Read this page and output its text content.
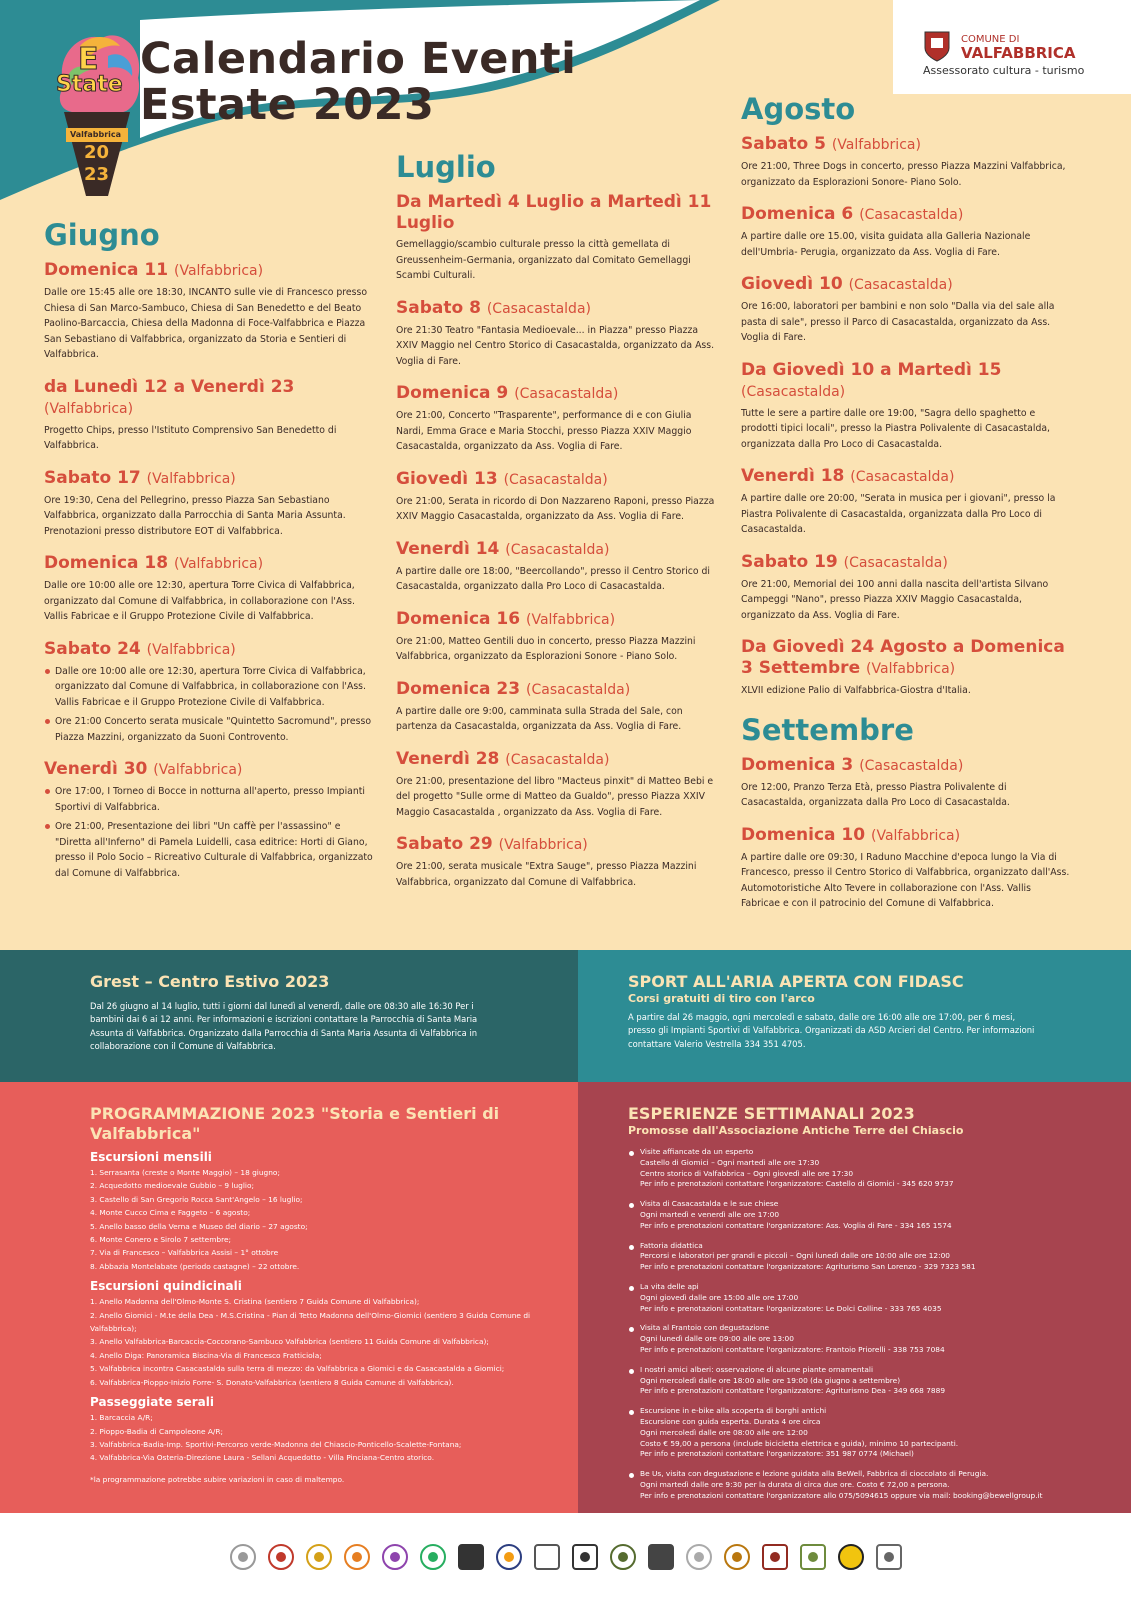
E
State
Valfabbrica
20
23
Calendario Eventi
Estate 2023
COMUNE DI
VALFABBRICA
Assessorato cultura - turismo
Giugno
Domenica 11 (Valfabbrica)
Dalle ore 15:45 alle ore 18:30, INCANTO sulle vie di Francesco presso Chiesa di San Marco-Sambuco, Chiesa di San Benedetto e del Beato Paolino-Barcaccia, Chiesa della Madonna di Foce-Valfabbrica e Piazza San Sebastiano di Valfabbrica, organizzato da Storia e Sentieri di Valfabbrica.
da Lunedì 12 a Venerdì 23 (Valfabbrica)
Progetto Chips, presso l'Istituto Comprensivo San Benedetto di Valfabbrica.
Sabato 17 (Valfabbrica)
Ore 19:30, Cena del Pellegrino, presso Piazza San Sebastiano Valfabbrica, organizzato dalla Parrocchia di Santa Maria Assunta. Prenotazioni presso distributore EOT di Valfabbrica.
Domenica 18 (Valfabbrica)
Dalle ore 10:00 alle ore 12:30, apertura Torre Civica di Valfabbrica, organizzato dal Comune di Valfabbrica, in collaborazione con l'Ass. Vallis Fabricae e il Gruppo Protezione Civile di Valfabbrica.
Sabato 24 (Valfabbrica)
Dalle ore 10:00 alle ore 12:30, apertura Torre Civica di Valfabbrica, organizzato dal Comune di Valfabbrica, in collaborazione con l'Ass. Vallis Fabricae e il Gruppo Protezione Civile di Valfabbrica.
Ore 21:00 Concerto serata musicale "Quintetto Sacromund", presso Piazza Mazzini, organizzato da Suoni Controvento.
Venerdì 30 (Valfabbrica)
Ore 17:00, I Torneo di Bocce in notturna all'aperto, presso Impianti Sportivi di Valfabbrica.
Ore 21:00, Presentazione dei libri "Un caffè per l'assassino" e "Diretta all'Inferno" di Pamela Luidelli, casa editrice: Horti di Giano, presso il Polo Socio – Ricreativo Culturale di Valfabbrica, organizzato dal Comune di Valfabbrica.
Luglio
Da Martedì 4 Luglio a Martedì 11 Luglio
Gemellaggio/scambio culturale presso la città gemellata di Greussenheim-Germania, organizzato dal Comitato Gemellaggi Scambi Culturali.
Sabato 8 (Casacastalda)
Ore 21:30 Teatro "Fantasia Medioevale... in Piazza" presso Piazza XXIV Maggio nel Centro Storico di Casacastalda, organizzato da Ass. Voglia di Fare.
Domenica 9 (Casacastalda)
Ore 21:00, Concerto "Trasparente", performance di e con Giulia Nardi, Emma Grace e Maria Stocchi, presso Piazza XXIV Maggio Casacastalda, organizzato da Ass. Voglia di Fare.
Giovedì 13 (Casacastalda)
Ore 21:00, Serata in ricordo di Don Nazzareno Raponi, presso Piazza XXIV Maggio Casacastalda, organizzato da Ass. Voglia di Fare.
Venerdì 14 (Casacastalda)
A partire dalle ore 18:00, "Beercollando", presso il Centro Storico di Casacastalda, organizzato dalla Pro Loco di Casacastalda.
Domenica 16 (Valfabbrica)
Ore 21:00, Matteo Gentili duo in concerto, presso Piazza Mazzini Valfabbrica, organizzato da Esplorazioni Sonore - Piano Solo.
Domenica 23 (Casacastalda)
A partire dalle ore 9:00, camminata sulla Strada del Sale, con partenza da Casacastalda, organizzata da Ass. Voglia di Fare.
Venerdì 28 (Casacastalda)
Ore 21:00, presentazione del libro "Macteus pinxit" di Matteo Bebi e del progetto "Sulle orme di Matteo da Gualdo", presso Piazza XXIV Maggio Casacastalda , organizzato da Ass. Voglia di Fare.
Sabato 29 (Valfabbrica)
Ore 21:00, serata musicale "Extra Sauge", presso Piazza Mazzini Valfabbrica, organizzato dal Comune di Valfabbrica.
Agosto
Sabato 5 (Valfabbrica)
Ore 21:00, Three Dogs in concerto, presso Piazza Mazzini Valfabbrica, organizzato da Esplorazioni Sonore- Piano Solo.
Domenica 6 (Casacastalda)
A partire dalle ore 15.00, visita guidata alla Galleria Nazionale dell'Umbria- Perugia, organizzato da Ass. Voglia di Fare.
Giovedì 10 (Casacastalda)
Ore 16:00, laboratori per bambini e non solo "Dalla via del sale alla pasta di sale", presso il Parco di Casacastalda, organizzato da Ass. Voglia di Fare.
Da Giovedì 10 a Martedì 15 (Casacastalda)
Tutte le sere a partire dalle ore 19:00, "Sagra dello spaghetto e prodotti tipici locali", presso la Piastra Polivalente di Casacastalda, organizzata dalla Pro Loco di Casacastalda.
Venerdì 18 (Casacastalda)
A partire dalle ore 20:00, "Serata in musica per i giovani", presso la Piastra Polivalente di Casacastalda, organizzata dalla Pro Loco di Casacastalda.
Sabato 19 (Casacastalda)
Ore 21:00, Memorial dei 100 anni dalla nascita dell'artista Silvano Campeggi "Nano", presso Piazza XXIV Maggio Casacastalda, organizzato da Ass. Voglia di Fare.
Da Giovedì 24 Agosto a Domenica 3 Settembre (Valfabbrica)
XLVII edizione Palio di Valfabbrica-Giostra d'Italia.
Settembre
Domenica 3 (Casacastalda)
Ore 12:00, Pranzo Terza Età, presso Piastra Polivalente di Casacastalda, organizzata dalla Pro Loco di Casacastalda.
Domenica 10 (Valfabbrica)
A partire dalle ore 09:30, I Raduno Macchine d'epoca lungo la Via di Francesco, presso il Centro Storico di Valfabbrica, organizzato dall'Ass. Automotoristiche Alto Tevere in collaborazione con l'Ass. Vallis Fabricae e con il patrocinio del Comune di Valfabbrica.
Grest – Centro Estivo 2023
Dal 26 giugno al 14 luglio, tutti i giorni dal lunedì al venerdì, dalle ore 08:30 alle 16:30 Per i bambini dai 6 ai 12 anni. Per informazioni e iscrizioni contattare la Parrocchia di Santa Maria Assunta di Valfabbrica. Organizzato dalla Parrocchia di Santa Maria Assunta di Valfabbrica in collaborazione con il Comune di Valfabbrica.
SPORT ALL'ARIA APERTA CON FIDASC
Corsi gratuiti di tiro con l'arco
A partire dal 26 maggio, ogni mercoledì e sabato, dalle ore 16:00 alle ore 17:00, per 6 mesi, presso gli Impianti Sportivi di Valfabbrica. Organizzati da ASD Arcieri del Centro. Per informazioni contattare Valerio Vestrella 334 351 4705.
PROGRAMMAZIONE 2023 "Storia e Sentieri di Valfabbrica"
Escursioni mensili
Serrasanta (creste o Monte Maggio) – 18 giugno;
Acquedotto medioevale Gubbio – 9 luglio;
Castello di San Gregorio Rocca Sant'Angelo – 16 luglio;
Monte Cucco Cima e Faggeto – 6 agosto;
Anello basso della Verna e Museo del diario – 27 agosto;
Monte Conero e Sirolo 7 settembre;
Via di Francesco – Valfabbrica Assisi – 1° ottobre
Abbazia Montelabate (periodo castagne) – 22 ottobre.
Escursioni quindicinali
Anello Madonna dell'Olmo-Monte S. Cristina (sentiero 7 Guida Comune di Valfabbrica);
Anello Giomici - M.te della Dea - M.S.Cristina - Pian di Tetto Madonna dell'Olmo-Giomici (sentiero 3 Guida Comune di Valfabbrica);
Anello Valfabbrica-Barcaccia-Coccorano-Sambuco Valfabbrica (sentiero 11 Guida Comune di Valfabbrica);
Anello Diga: Panoramica Biscina-Via di Francesco Fratticiola;
Valfabbrica incontra Casacastalda sulla terra di mezzo: da Valfabbrica a Giomici e da Casacastalda a Giomici;
Valfabbrica-Pioppo-Inizio Forre- S. Donato-Valfabbrica (sentiero 8 Guida Comune di Valfabbrica).
Passeggiate serali
Barcaccia A/R;
Pioppo-Badia di Campoleone A/R;
Valfabbrica-Badia-Imp. Sportivi-Percorso verde-Madonna del Chiascio-Ponticello-Scalette-Fontana;
Valfabbrica-Via Osteria-Direzione Laura - Sellani Acquedotto - Villa Pinciana-Centro storico.
*la programmazione potrebbe subire variazioni in caso di maltempo.
ESPERIENZE SETTIMANALI 2023
Promosse dall'Associazione Antiche Terre del Chiascio
Visite affiancate da un esperto
Castello di Giomici – Ogni martedì alle ore 17:30
Centro storico di Valfabbrica – Ogni giovedì alle ore 17:30
Per info e prenotazioni contattare l'organizzatore: Castello di Giomici - 345 620 9737
Visita di Casacastalda e le sue chiese
Ogni martedì e venerdì alle ore 17:00
Per info e prenotazioni contattare l'organizzatore: Ass. Voglia di Fare - 334 165 1574
Fattoria didattica
Percorsi e laboratori per grandi e piccoli – Ogni lunedì dalle ore 10:00 alle ore 12:00
Per info e prenotazioni contattare l'organizzatore: Agriturismo San Lorenzo - 329 7323 581
La vita delle api
Ogni giovedì dalle ore 15:00 alle ore 17:00
Per info e prenotazioni contattare l'organizzatore: Le Dolci Colline - 333 765 4035
Visita al Frantoio con degustazione
Ogni lunedì dalle ore 09:00 alle ore 13:00
Per info e prenotazioni contattare l'organizzatore: Frantoio Priorelli - 338 753 7084
I nostri amici alberi: osservazione di alcune piante ornamentali
Ogni mercoledì dalle ore 18:00 alle ore 19:00 (da giugno a settembre)
Per info e prenotazioni contattare l'organizzatore: Agriturismo Dea - 349 668 7889
Escursione in e-bike alla scoperta di borghi antichi
Escursione con guida esperta. Durata 4 ore circa
Ogni mercoledì dalle ore 08:00 alle ore 12:00
Costo € 59,00 a persona (include bicicletta elettrica e guida), minimo 10 partecipanti.
Per info e prenotazioni contattare l'organizzatore: 351 987 0774 (Michael)
Be Us, visita con degustazione e lezione guidata alla BeWell, Fabbrica di cioccolato di Perugia.
Ogni martedì dalle ore 9:30 per la durata di circa due ore. Costo € 72,00 a persona.
Per info e prenotazioni contattare l'organizzatore allo 075/5094615 oppure via mail: booking@bewellgroup.it
